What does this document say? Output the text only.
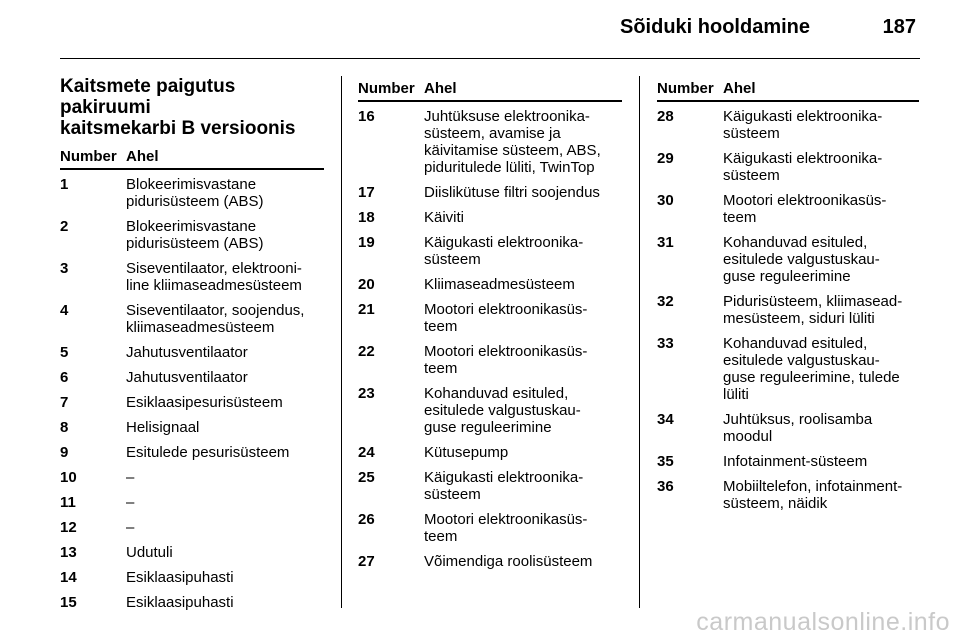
Sõiduki hooldamine	187
Kaitsmete paigutus pakiruumi
kaitsmekarbi B versioonis
Number Ahel
1	Blokeerimisvastane
pidurisüsteem (ABS)
2	Blokeerimisvastane
pidurisüsteem (ABS)
3	Siseventilaator, elektrooni-
line kliimaseadmesüsteem
4	Siseventilaator, soojendus,
kliimaseadmesüsteem
5	Jahutusventilaator
6	Jahutusventilaator
7	Esiklaasipesurisüsteem
8	Helisignaal
9	Esitulede pesurisüsteem
10	–
11	–
12	–
13	Udutuli
14	Esiklaasipuhasti
15	Esiklaasipuhasti
Number Ahel
16	Juhtüksuse elektroonika-
süsteem, avamise ja
käivitamise süsteem, ABS,
piduritulede lüliti, TwinTop
17	Diislikütuse filtri soojendus
18	Käiviti
19	Käigukasti elektroonika-
süsteem
20	Kliimaseadmesüsteem
21	Mootori elektroonikasüs-
teem
22	Mootori elektroonikasüs-
teem
23	Kohanduvad esituled,
esitulede valgustuskau-
guse reguleerimine
24	Kütusepump
25	Käigukasti elektroonika-
süsteem
26	Mootori elektroonikasüs-
teem
27	Võimendiga roolisüsteem
Number Ahel
28	Käigukasti elektroonika-
süsteem
29	Käigukasti elektroonika-
süsteem
30	Mootori elektroonikasüs-
teem
31	Kohanduvad esituled,
esitulede valgustuskau-
guse reguleerimine
32	Pidurisüsteem, kliimasead-
mesüsteem, siduri lüliti
33	Kohanduvad esituled,
esitulede valgustuskau-
guse reguleerimine, tulede
lüliti
34	Juhtüksus, roolisamba
moodul
35	Infotainment-süsteem
36	Mobiiltelefon, infotainment-
süsteem, näidik
carmanualsonline.info
